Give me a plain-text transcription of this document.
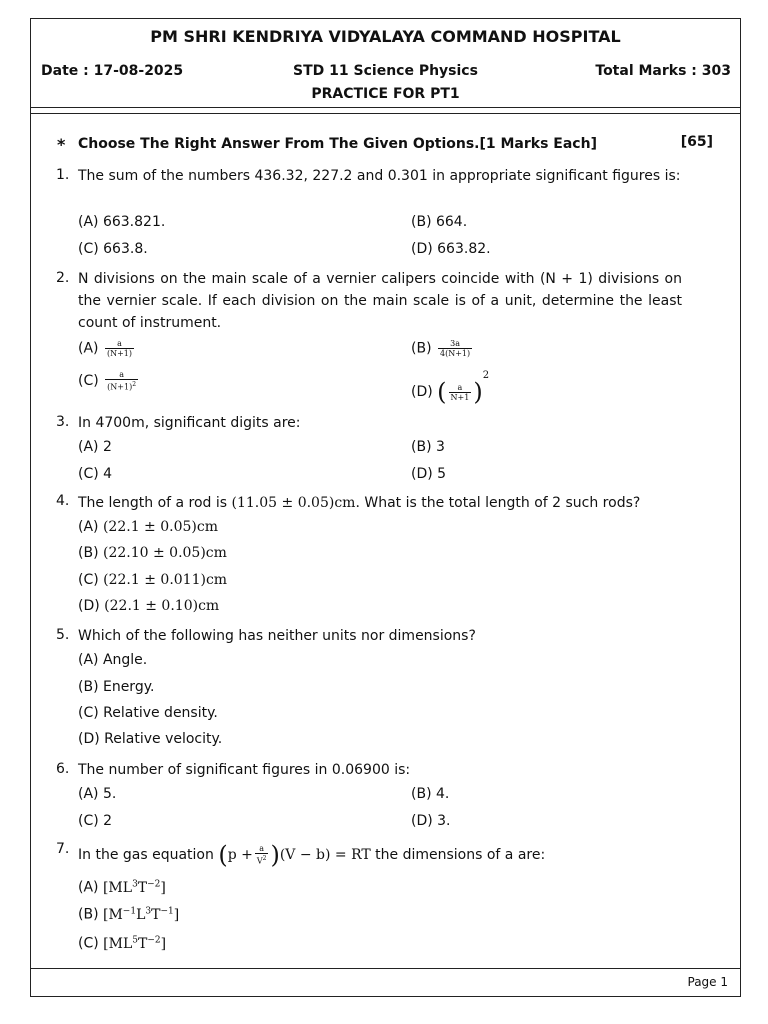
PM SHRI KENDRIYA VIDYALAYA COMMAND HOSPITAL
Date : 17-08-2025	STD 11 Science Physics
PRACTICE FOR PT1
Total Marks : 303
* Choose The Right Answer From The Given Options.[1 Marks Each]	[65]
1. The sum of the numbers 436.32, 227.2 and 0.301 in appropriate significant figures is:
(A) 663.821.	(B) 664.
(C) 663.8.	(D) 663.82.
2. N divisions on the main scale of a vernier calipers coincide with (N + 1) divisions on the vernier scale. If each division on the main scale is of a unit, determine the least count of instrument.
$(A) \frac{a}{(N+1)}$	$(B) \frac{3a}{4(N+1)}$
$(C) \frac{a}{(N+1)^2}$
(D) ( $\frac{a}{N+1} )^2$
3. In 4700m, significant digits are:
(A) 2	(B) 3
(C) 4	(D) 5
4. The length of a rod is (11.05 ± 0.05)cm. What is the total length of 2 such rods?
(A) (22.1 ± 0.05)cm
(B) (22.10 ± 0.05)cm
(C) (22.1 ± 0.011)cm
(D) (22.1 ± 0.10)cm
5. Which of the following has neither units nor dimensions?
(A) Angle.
(B) Energy.
(C) Relative density.
(D) Relative velocity.
6. The number of significant figures in 0.06900 is:
(A) 5.	(B) 4.
(C) 2	(D) 3.
7. In the gas equation $(p + \frac{a}{V^2} )(V - b)$ = RT the dimensions of a are:
(A) $[ML^3T^{-2}]$
(B) $[M^{-1}L^3T^{-1}]$
(C) $[ML^5T^{-2}]$
Page 1
